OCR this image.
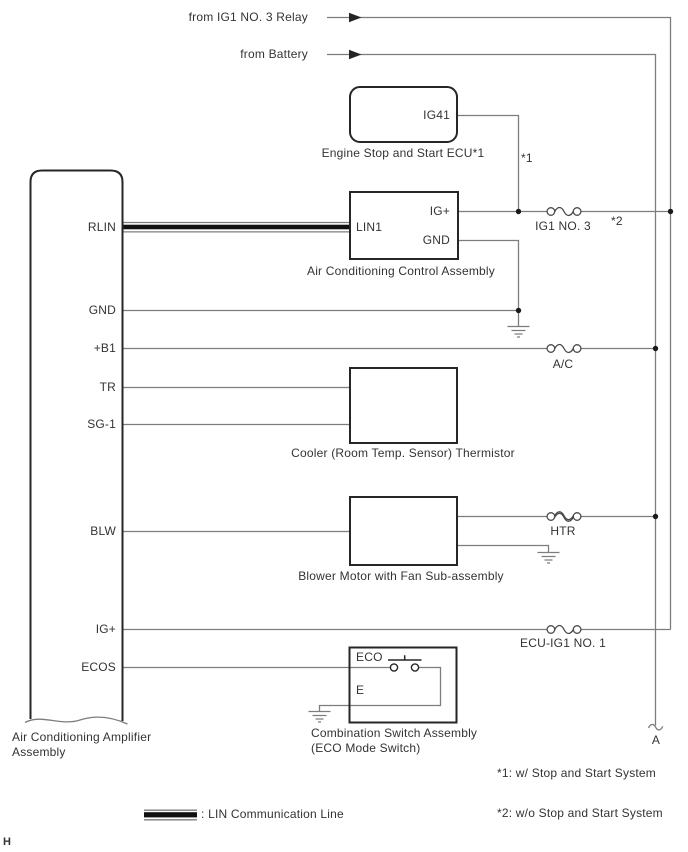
from IG1 NO. 3 Relay
from Battery
IG41
Engine Stop and Start ECU*1	*1
IG+
LIN1
GND
Air Conditioning Control Assembly
IG1 NO. 3	*2
A/C
HTR
ECU-IG1 NO. 1
RLIN
GND
+B1
TR
SG-1
BLW
IG+
ECOS
Air Conditioning Amplifier
Assembly
Cooler (Room Temp. Sensor) Thermistor
Blower Motor with Fan Sub-assembly
ECO
E
Combination Switch Assembly
(ECO Mode Switch)
A
: LIN Communication Line
*1: w/ Stop and Start System
*2: w/o Stop and Start System
H
